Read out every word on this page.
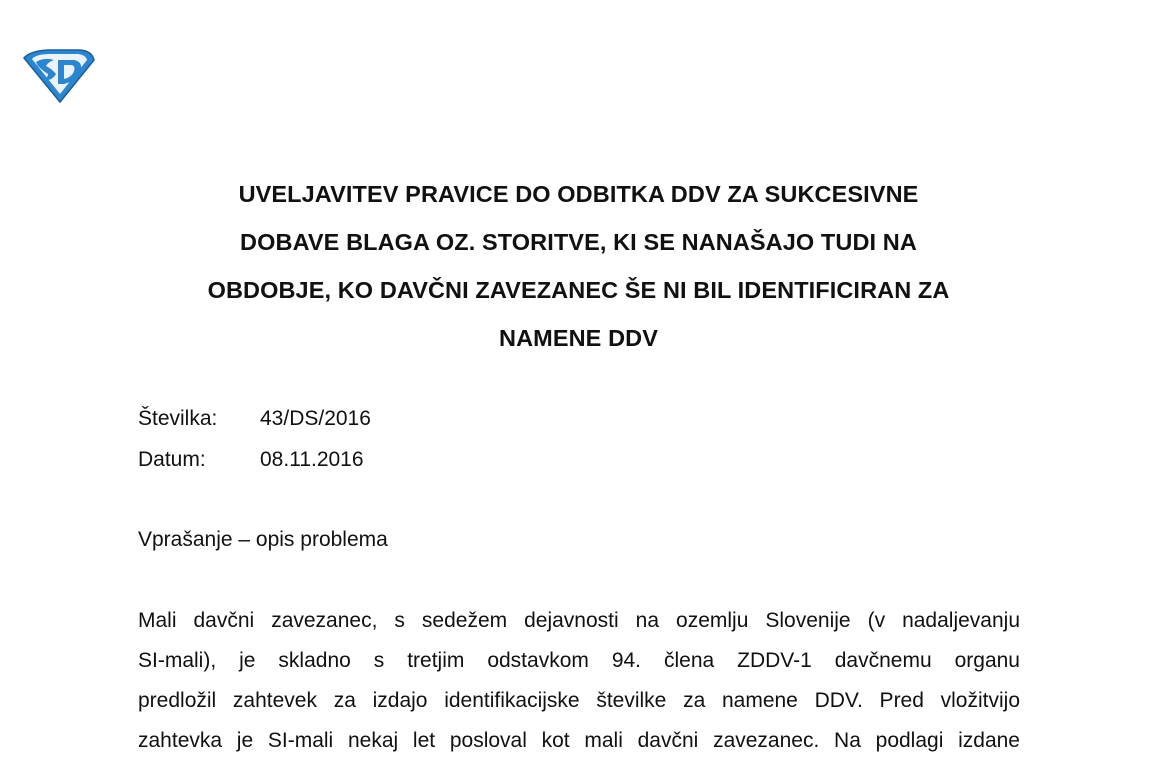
UVELJAVITEV PRAVICE DO ODBITKA DDV ZA SUKCESIVNE
DOBAVE BLAGA OZ. STORITVE, KI SE NANAŠAJO TUDI NA
OBDOBJE, KO DAVČNI ZAVEZANEC ŠE NI BIL IDENTIFICIRAN ZA
NAMENE DDV
Številka: 43/DS/2016
Datum:	08.11.2016
Vprašanje – opis problema
Mali davčni zavezanec, s sedežem dejavnosti na ozemlju Slovenije (v nadaljevanju
SI-mali), je skladno s tretjim odstavkom 94. člena ZDDV-1 davčnemu organu
predložil zahtevek za izdajo identifikacijske številke za namene DDV. Pred vložitvijo
zahtevka je SI-mali nekaj let posloval kot mali davčni zavezanec. Na podlagi izdane
